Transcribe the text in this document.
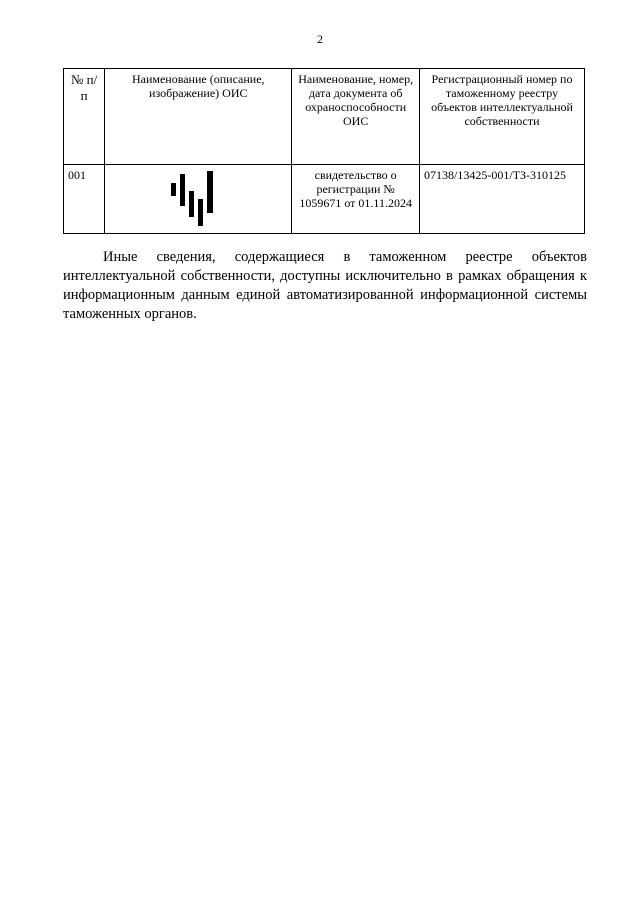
2
№ п/п	Наименование (описание, изображение) ОИС	Наименование, номер, дата документа об охраноспособности ОИС	Регистрационный номер по таможенному реестру объектов интеллектуальной собственности
001		свидетельство о регистрации № 1059671 от 01.11.2024	07138/13425-001/ТЗ-310125

Иные сведения, содержащиеся в таможенном реестре объектов интеллектуальной собственности, доступны исключительно в рамках обращения к информационным данным единой автоматизированной информационной системы таможенных органов.
